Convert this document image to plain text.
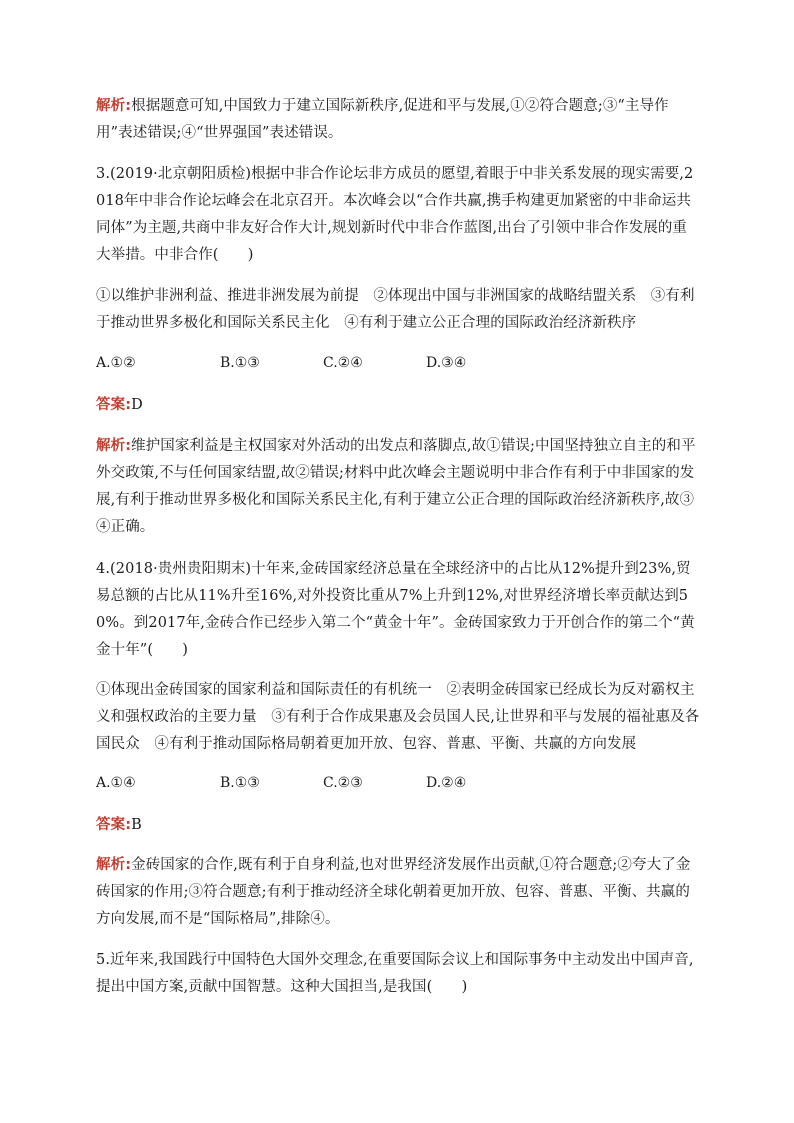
解析:根据题意可知,中国致力于建立国际新秩序,促进和平与发展,①②符合题意;③“主导作用”表述错误;④“世界强国”表述错误。

3.(2019·北京朝阳质检)根据中非合作论坛非方成员的愿望,着眼于中非关系发展的现实需要,2018年中非合作论坛峰会在北京召开。本次峰会以“合作共赢,携手构建更加紧密的中非命运共同体”为主题,共商中非友好合作大计,规划新时代中非合作蓝图,出台了引领中非合作发展的重大举措。中非合作(　　)

①以维护非洲利益、推进非洲发展为前提　②体现出中国与非洲国家的战略结盟关系　③有利于推动世界多极化和国际关系民主化　④有利于建立公正合理的国际政治经济新秩序

A.①②	B.①③	C.②④	D.③④

答案:D

解析:维护国家利益是主权国家对外活动的出发点和落脚点,故①错误;中国坚持独立自主的和平外交政策,不与任何国家结盟,故②错误;材料中此次峰会主题说明中非合作有利于中非国家的发展,有利于推动世界多极化和国际关系民主化,有利于建立公正合理的国际政治经济新秩序,故③④正确。

4.(2018·贵州贵阳期末)十年来,金砖国家经济总量在全球经济中的占比从12%提升到23%,贸易总额的占比从11%升至16%,对外投资比重从7%上升到12%,对世界经济增长率贡献达到50%。到2017年,金砖合作已经步入第二个“黄金十年”。金砖国家致力于开创合作的第二个“黄金十年”(　　)

①体现出金砖国家的国家利益和国际责任的有机统一　②表明金砖国家已经成长为反对霸权主义和强权政治的主要力量　③有利于合作成果惠及会员国人民,让世界和平与发展的福祉惠及各国民众　④有利于推动国际格局朝着更加开放、包容、普惠、平衡、共赢的方向发展

A.①④	B.①③	C.②③	D.②④

答案:B

解析:金砖国家的合作,既有利于自身利益,也对世界经济发展作出贡献,①符合题意;②夸大了金砖国家的作用;③符合题意;有利于推动经济全球化朝着更加开放、包容、普惠、平衡、共赢的方向发展,而不是“国际格局”,排除④。

5.近年来,我国践行中国特色大国外交理念,在重要国际会议上和国际事务中主动发出中国声音,提出中国方案,贡献中国智慧。这种大国担当,是我国(　　)
